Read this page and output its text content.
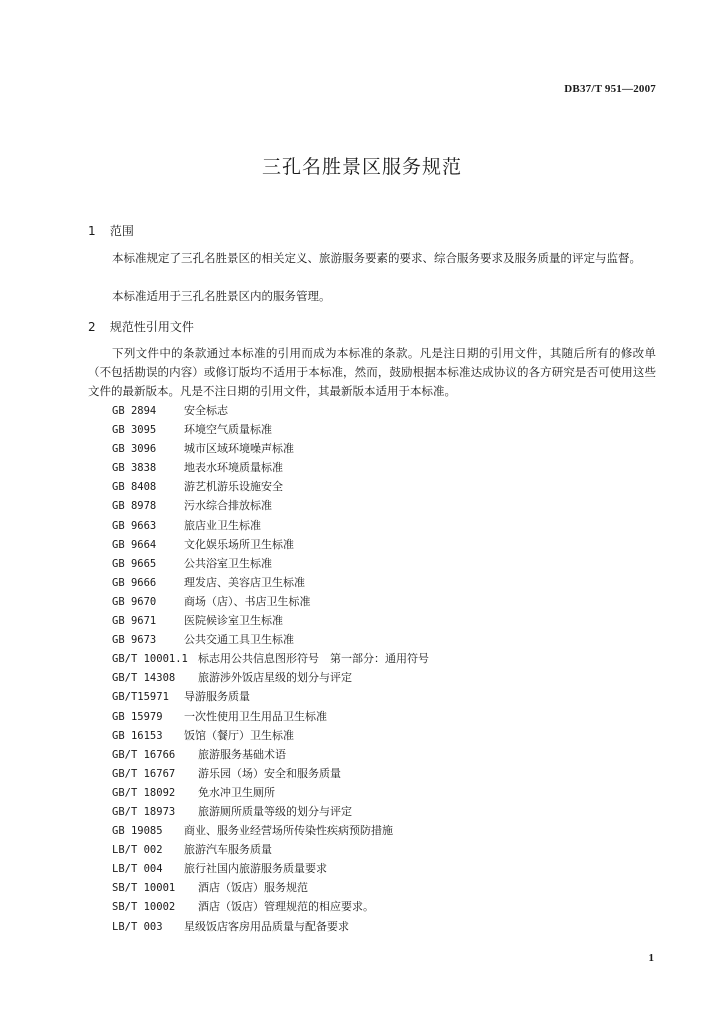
DB37/T 951—2007
三孔名胜景区服务规范
1 范围

本标准规定了三孔名胜景区的相关定义、旅游服务要素的要求、综合服务要求及服务质量的评定与监督。

本标准适用于三孔名胜景区内的服务管理。

2 规范性引用文件

下列文件中的条款通过本标准的引用而成为本标准的条款。凡是注日期的引用文件，其随后所有的修改单（不包括勘误的内容）或修订版均不适用于本标准，然而，鼓励根据本标准达成协议的各方研究是否可使用这些文件的最新版本。凡是不注日期的引用文件，其最新版本适用于本标准。

GB 2894	安全标志
GB 3095	环境空气质量标准
GB 3096	城市区域环境噪声标准
GB 3838	地表水环境质量标准
GB 8408	游艺机游乐设施安全
GB 8978	污水综合排放标准
GB 9663	旅店业卫生标准
GB 9664	文化娱乐场所卫生标准
GB 9665	公共浴室卫生标准
GB 9666	理发店、美容店卫生标准
GB 9670	商场（店）、书店卫生标准
GB 9671	医院候诊室卫生标准
GB 9673	公共交通工具卫生标准
GB/T 10001.1 标志用公共信息图形符号　第一部分：通用符号
GB/T 14308 旅游涉外饭店星级的划分与评定
GB/T15971 导游服务质量
GB 15979 一次性使用卫生用品卫生标准
GB 16153 饭馆（餐厅）卫生标准
GB/T 16766 旅游服务基础术语
GB/T 16767 游乐园（场）安全和服务质量
GB/T 18092 免水冲卫生厕所
GB/T 18973 旅游厕所质量等级的划分与评定
GB 19085 商业、服务业经营场所传染性疾病预防措施
LB/T 002 旅游汽车服务质量
LB/T 004 旅行社国内旅游服务质量要求
SB/T 10001 酒店（饭店）服务规范
SB/T 10002 酒店（饭店）管理规范的相应要求。
LB/T 003 星级饭店客房用品质量与配备要求
1
